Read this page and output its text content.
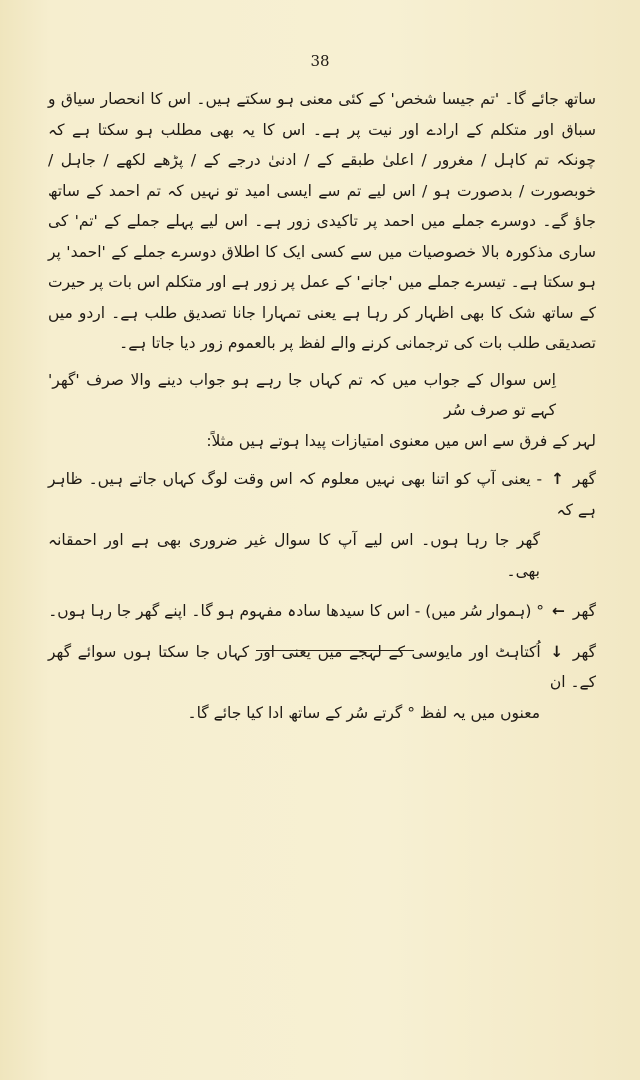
38

ساتھ جائے گا۔ 'تم جیسا شخص' کے کئی معنی ہو سکتے ہیں۔ اس کا انحصار سیاق و سباق اور متکلم کے ارادے اور نیت پر ہے۔ اس کا یہ بھی مطلب ہو سکتا ہے کہ چونکہ تم کاہل / مغرور / اعلیٰ طبقے کے / ادنیٰ درجے کے / پڑھے لکھے / جاہل / خوبصورت / بدصورت ہو / اس لیے تم سے ایسی امید تو نہیں کہ تم احمد کے ساتھ جاؤ گے۔ دوسرے جملے میں احمد پر تاکیدی زور ہے۔ اس لیے پہلے جملے کے 'تم' کی ساری مذکورہ بالا خصوصیات میں سے کسی ایک کا اطلاق دوسرے جملے کے 'احمد' پر ہو سکتا ہے۔ تیسرے جملے میں 'جانے' کے عمل پر زور ہے اور متکلم اس بات پر حیرت کے ساتھ شک کا بھی اظہار کر رہا ہے یعنی تمہارا جانا تصدیق طلب ہے۔ اردو میں تصدیقی طلب بات کی ترجمانی کرنے والے لفظ پر بالعموم زور دیا جاتا ہے۔

اِس سوال کے جواب میں کہ تم کہاں جا رہے ہو جواب دینے والا صرف 'گھر' کہے تو صرف سُر
لہر کے فرق سے اس میں معنوی امتیازات پیدا ہوتے ہیں مثلاً:
گھر ↑ - یعنی آپ کو اتنا بھی نہیں معلوم کہ اس وقت لوگ کہاں جاتے ہیں۔ ظاہر ہے کہ
گھر جا رہا ہوں۔ اس لیے آپ کا سوال غیر ضروری بھی ہے اور احمقانہ بھی۔
گھر ← ° (ہموار سُر میں) - اس کا سیدھا سادہ مفہوم ہو گا۔ اپنے گھر جا رہا ہوں۔
گھر ↓ اُکتاہٹ اور مایوسی کے لہجے میں یعنی اور کہاں جا سکتا ہوں سوائے گھر کے۔ ان
معنوں میں یہ لفظ ° گرتے سُر کے ساتھ ادا کیا جائے گا۔
